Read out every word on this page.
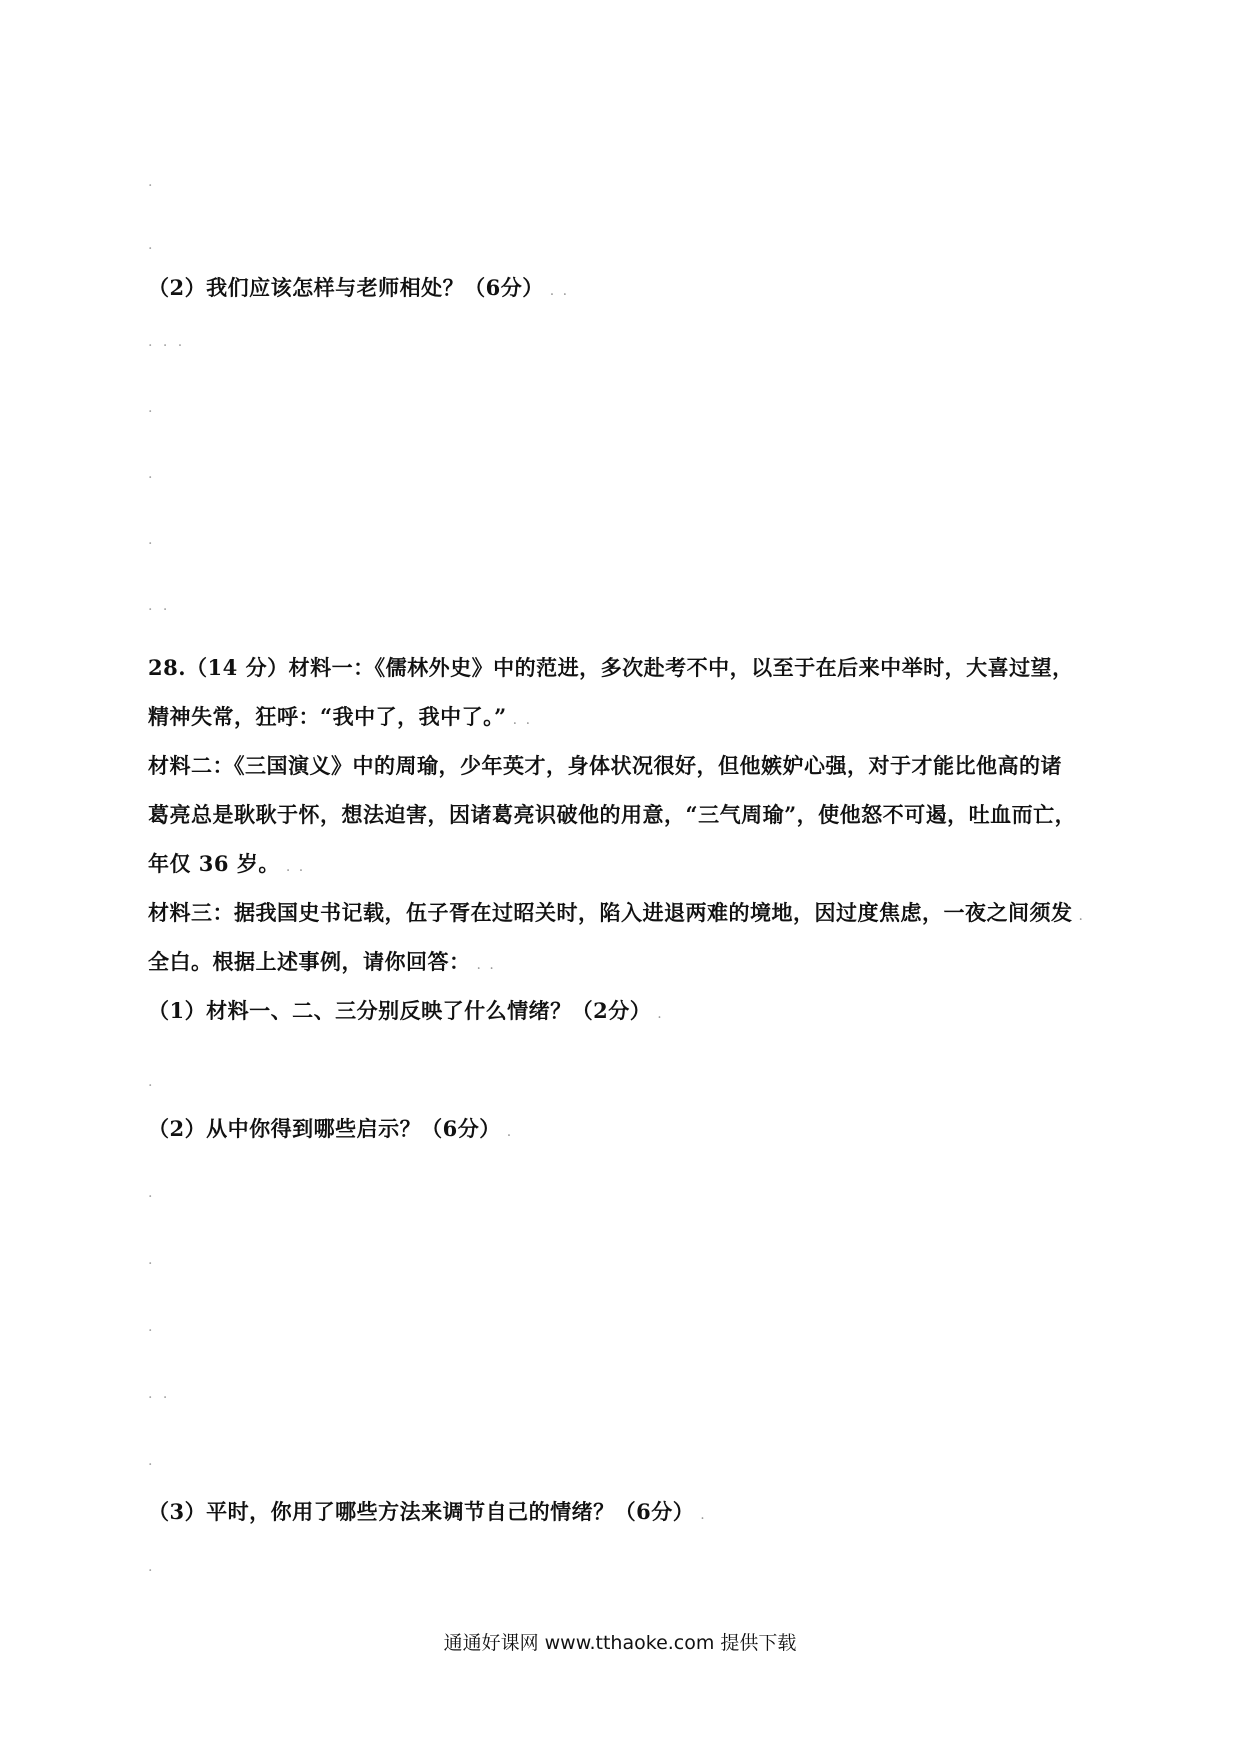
.
.
（2）我们应该怎样与老师相处？（6分） . .
. . .
.
.
.
. .
28.（14 分）材料一：《儒林外史》中的范进，多次赴考不中，以至于在后来中举时，大喜过望，
精神失常，狂呼：“我中了，我中了。” . .
材料二：《三国演义》中的周瑜，少年英才，身体状况很好，但他嫉妒心强，对于才能比他高的诸
葛亮总是耿耿于怀，想法迫害，因诸葛亮识破他的用意，“三气周瑜”，使他怒不可遏，吐血而亡，
年仅 36 岁。 . .
材料三：据我国史书记载，伍子胥在过昭关时，陷入进退两难的境地，因过度焦虑，一夜之间须发 .
全白。根据上述事例，请你回答： . .
（1）材料一、二、三分别反映了什么情绪？（2分） .
.
（2）从中你得到哪些启示？（6分） .
.
.
.
. .
.
（3）平时，你用了哪些方法来调节自己的情绪？（6分） .
.
通通好课网 www.tthaoke.com 提供下载
